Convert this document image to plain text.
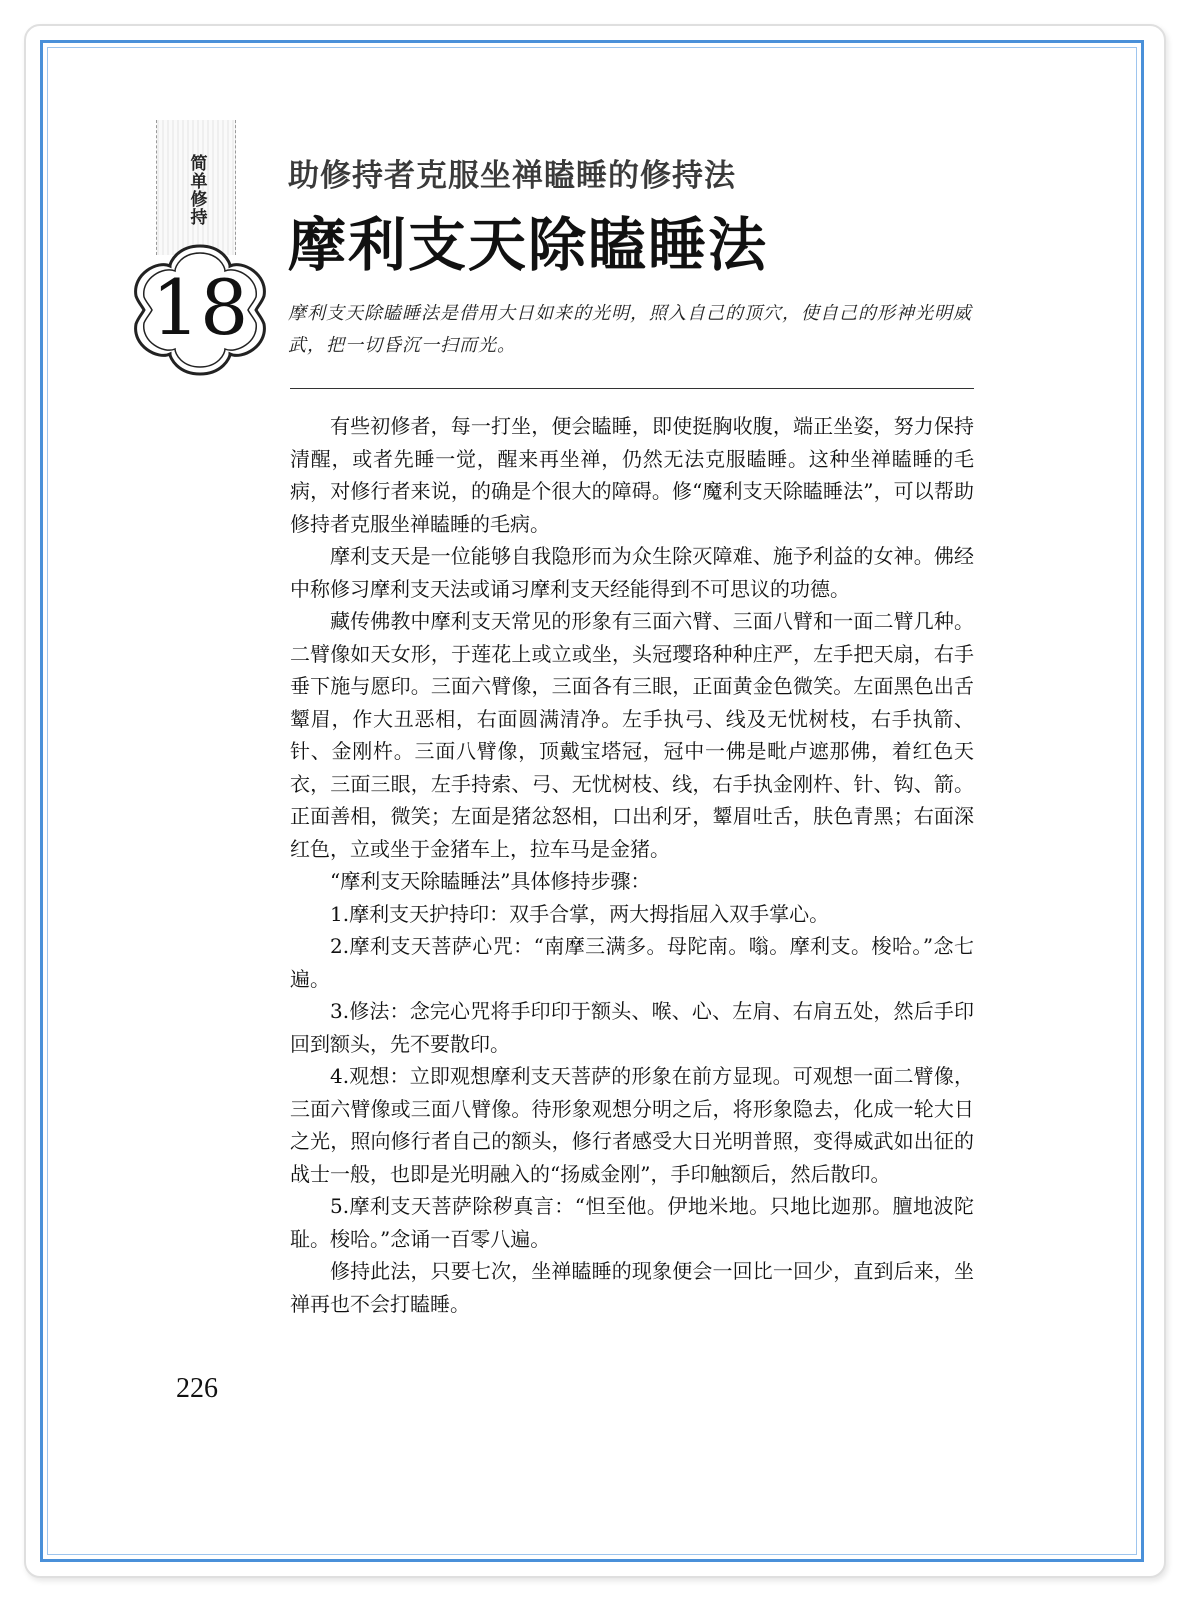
简单修持
18
助修持者克服坐禅瞌睡的修持法
摩利支天除瞌睡法
摩利支天除瞌睡法是借用大日如来的光明，照入自己的顶穴，使自己的形神光明威武，把一切昏沉一扫而光。

有些初修者，每一打坐，便会瞌睡，即使挺胸收腹，端正坐姿，努力保持清醒，或者先睡一觉，醒来再坐禅，仍然无法克服瞌睡。这种坐禅瞌睡的毛病，对修行者来说，的确是个很大的障碍。修“魔利支天除瞌睡法”，可以帮助修持者克服坐禅瞌睡的毛病。

摩利支天是一位能够自我隐形而为众生除灭障难、施予利益的女神。佛经中称修习摩利支天法或诵习摩利支天经能得到不可思议的功德。

藏传佛教中摩利支天常见的形象有三面六臂、三面八臂和一面二臂几种。二臂像如天女形，于莲花上或立或坐，头冠璎珞种种庄严，左手把天扇，右手垂下施与愿印。三面六臂像，三面各有三眼，正面黄金色微笑。左面黑色出舌颦眉，作大丑恶相，右面圆满清净。左手执弓、线及无忧树枝，右手执箭、针、金刚杵。三面八臂像，顶戴宝塔冠，冠中一佛是毗卢遮那佛，着红色天衣，三面三眼，左手持索、弓、无忧树枝、线，右手执金刚杵、针、钩、箭。正面善相，微笑；左面是猪忿怒相，口出利牙，颦眉吐舌，肤色青黑；右面深红色，立或坐于金猪车上，拉车马是金猪。

“摩利支天除瞌睡法”具体修持步骤：

1.摩利支天护持印：双手合掌，两大拇指屈入双手掌心。

2.摩利支天菩萨心咒：“南摩三满多。母陀南。嗡。摩利支。梭哈。”念七遍。

3.修法：念完心咒将手印印于额头、喉、心、左肩、右肩五处，然后手印回到额头，先不要散印。

4.观想：立即观想摩利支天菩萨的形象在前方显现。可观想一面二臂像，三面六臂像或三面八臂像。待形象观想分明之后，将形象隐去，化成一轮大日之光，照向修行者自己的额头，修行者感受大日光明普照，变得威武如出征的战士一般，也即是光明融入的“扬威金刚”，手印触额后，然后散印。

5.摩利支天菩萨除秽真言：“怛至他。伊地米地。只地比迦那。膻地波陀耻。梭哈。”念诵一百零八遍。

修持此法，只要七次，坐禅瞌睡的现象便会一回比一回少，直到后来，坐禅再也不会打瞌睡。

226
